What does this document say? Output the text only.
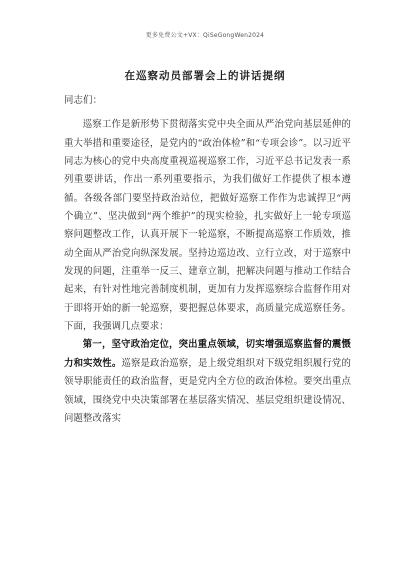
更多免费公文+VX：QiSeGongWen2024
在巡察动员部署会上的讲话提纲

同志们：

巡察工作是新形势下贯彻落实党中央全面从严治党向基层延伸的重大举措和重要途径，是党内的“政治体检”和“专项会诊”。以习近平同志为核心的党中央高度重视巡视巡察工作，习近平总书记发表一系列重要讲话，作出一系列重要指示，为我们做好工作提供了根本遵循。各级各部门要坚持政治站位，把做好巡察工作作为忠诚捍卫“两个确立”、坚决做到“两个维护”的现实检验，扎实做好上一轮专项巡察问题整改工作，认真开展下一轮巡察，不断提高巡察工作质效，推动全面从严治党向纵深发展。坚持边巡边改、立行立改，对于巡察中发现的问题，注重举一反三、建章立制，把解决问题与推动工作结合起来，有针对性地完善制度机制，更加有力发挥巡察综合监督作用对于即将开始的新一轮巡察，要把握总体要求，高质量完成巡察任务。下面，我强调几点要求：

第一，坚守政治定位，突出重点领域，切实增强巡察监督的震慑力和实效性。巡察是政治巡察，是上级党组织对下级党组织履行党的领导职能责任的政治监督，更是党内全方位的政治体检。要突出重点领域，围绕党中央决策部署在基层落实情况、基层党组织建设情况、问题整改落实
